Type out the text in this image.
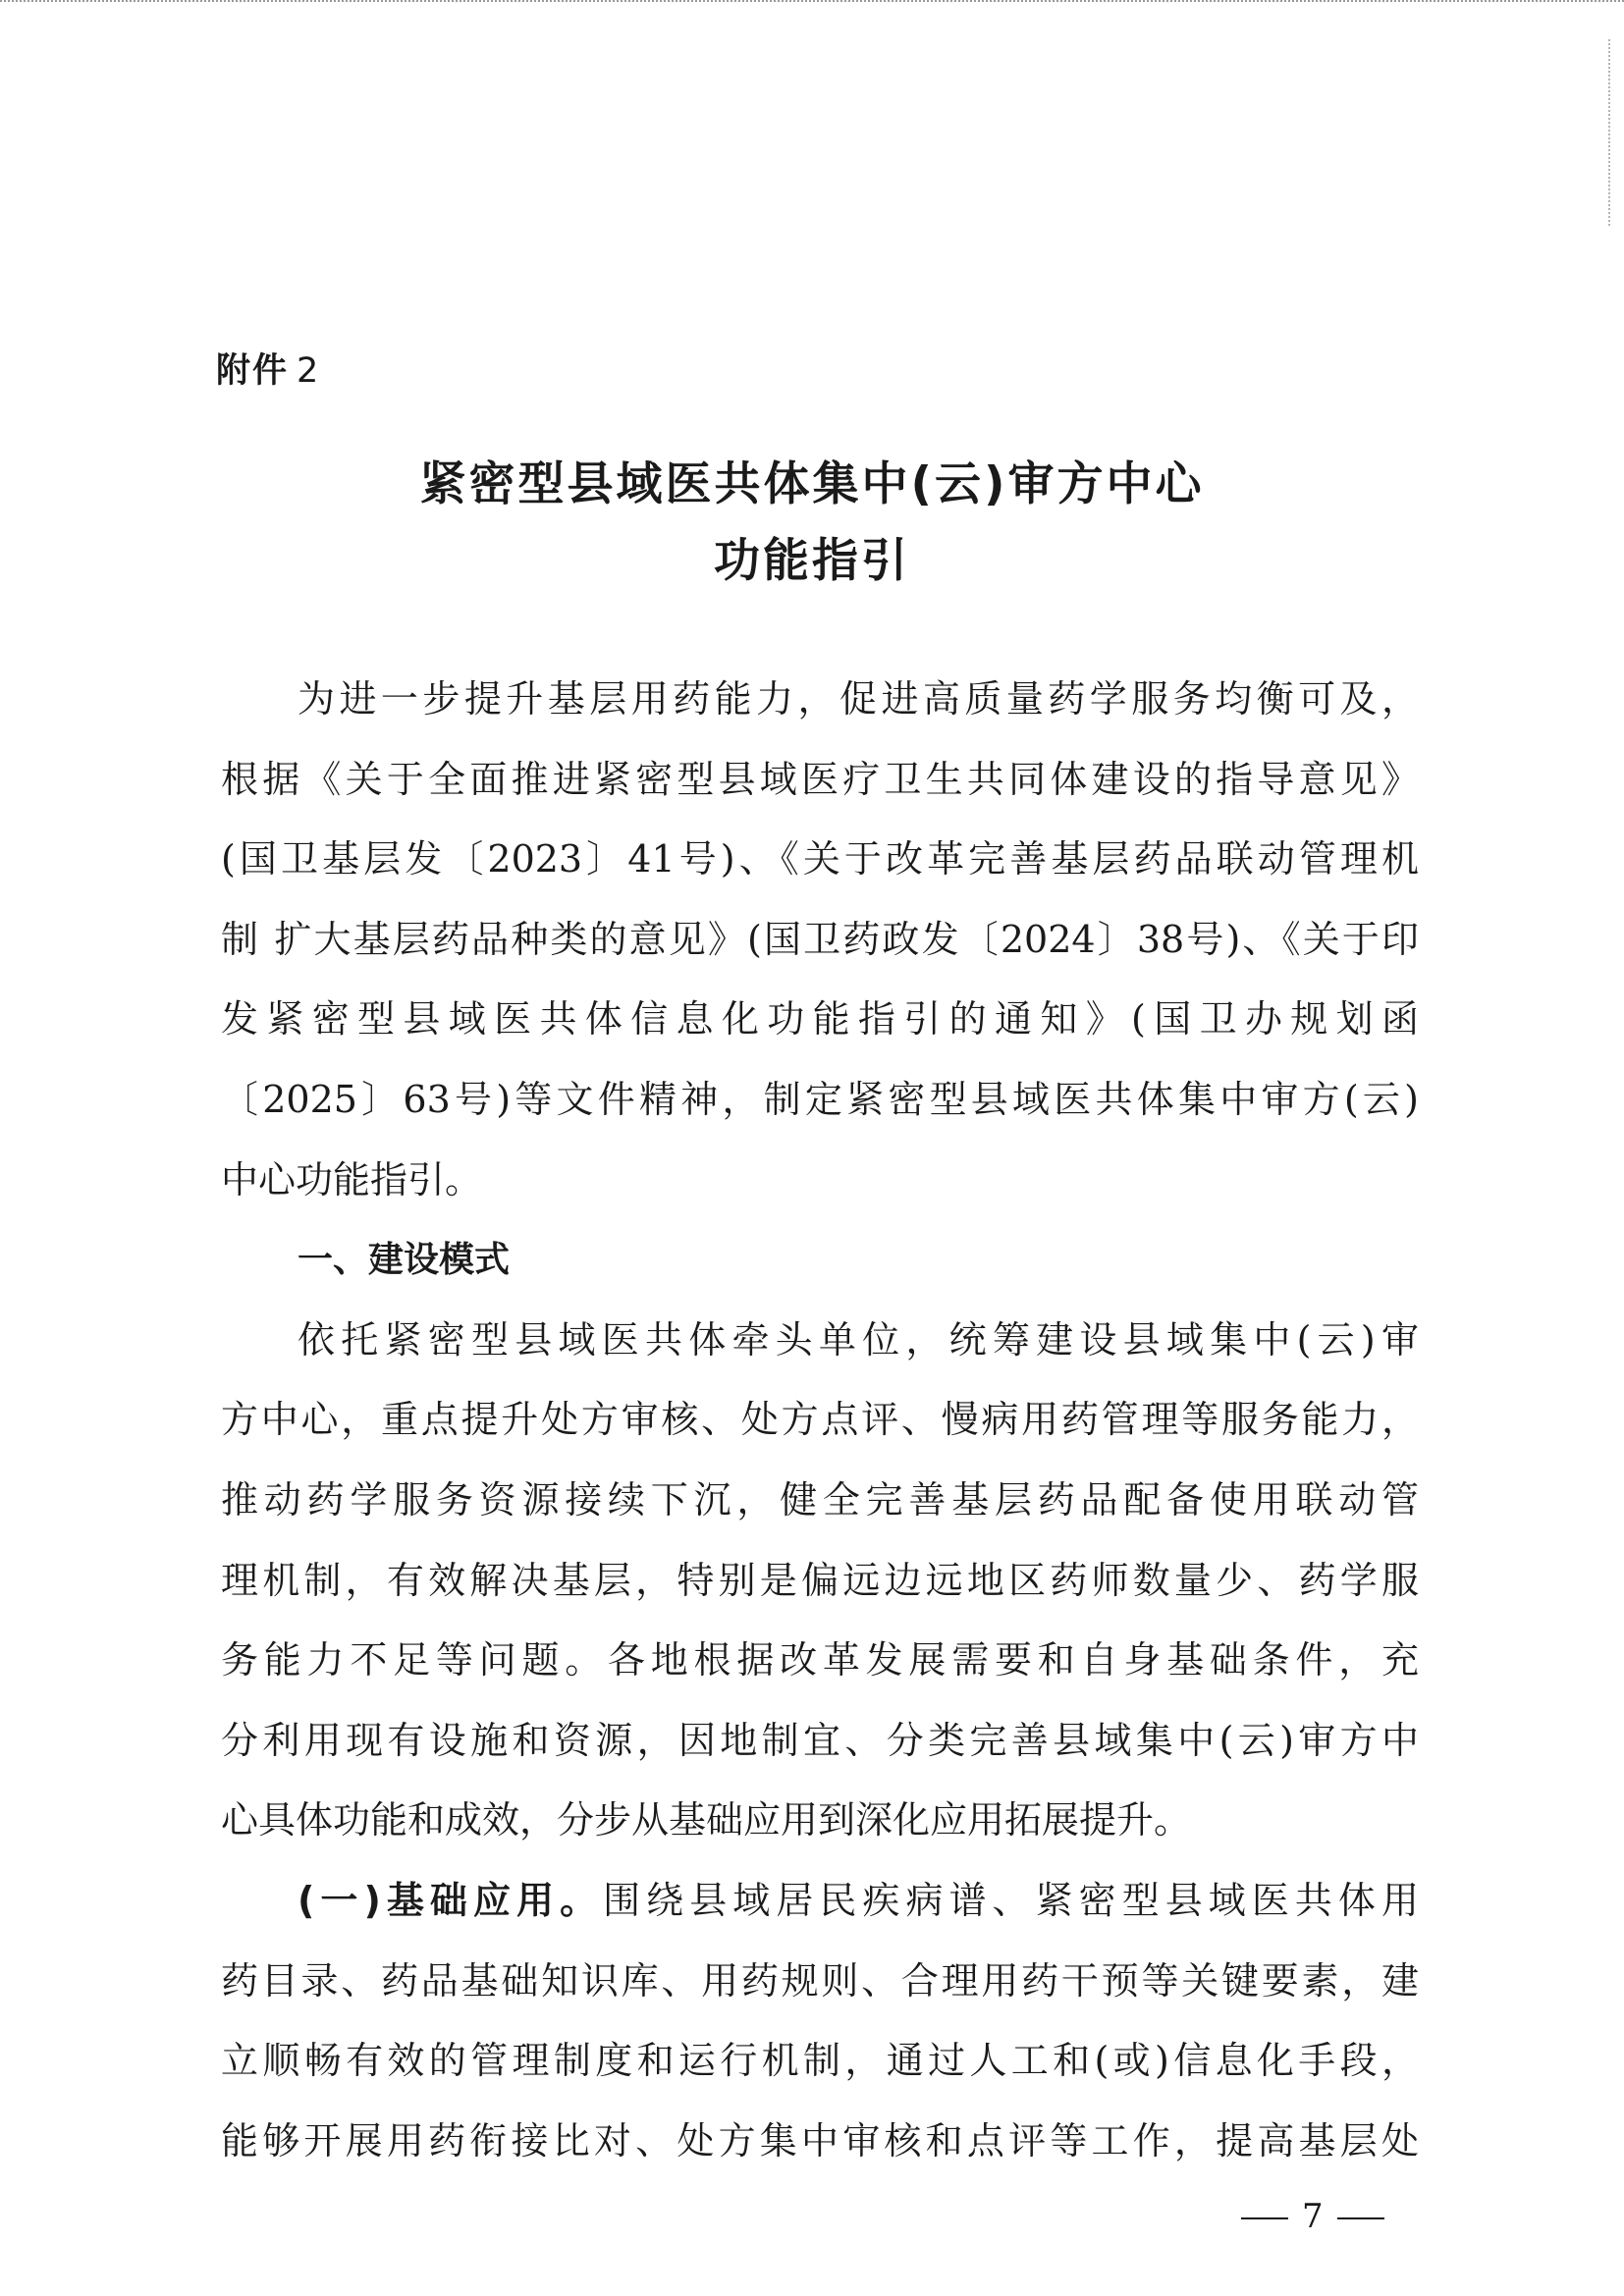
附件 2
紧密型县域医共体集中(云)审方中心
功能指引
为进一步提升基层用药能力，促进高质量药学服务均衡可及，
根据《关于全面推进紧密型县域医疗卫生共同体建设的指导意见》
(国卫基层发〔2023〕41号)、《关于改革完善基层药品联动管理机
制 扩大基层药品种类的意见》(国卫药政发〔2024〕38号)、《关于印
发紧密型县域医共体信息化功能指引的通知》(国卫办规划函
〔2025〕63号)等文件精神，制定紧密型县域医共体集中审方(云)
中心功能指引。
一、建设模式
依托紧密型县域医共体牵头单位，统筹建设县域集中(云)审
方中心，重点提升处方审核、处方点评、慢病用药管理等服务能力，
推动药学服务资源接续下沉，健全完善基层药品配备使用联动管
理机制，有效解决基层，特别是偏远边远地区药师数量少、药学服
务能力不足等问题。各地根据改革发展需要和自身基础条件，充
分利用现有设施和资源，因地制宜、分类完善县域集中(云)审方中
心具体功能和成效，分步从基础应用到深化应用拓展提升。
(一)基础应用。围绕县域居民疾病谱、紧密型县域医共体用
药目录、药品基础知识库、用药规则、合理用药干预等关键要素，建
立顺畅有效的管理制度和运行机制，通过人工和(或)信息化手段，
能够开展用药衔接比对、处方集中审核和点评等工作，提高基层处
7
